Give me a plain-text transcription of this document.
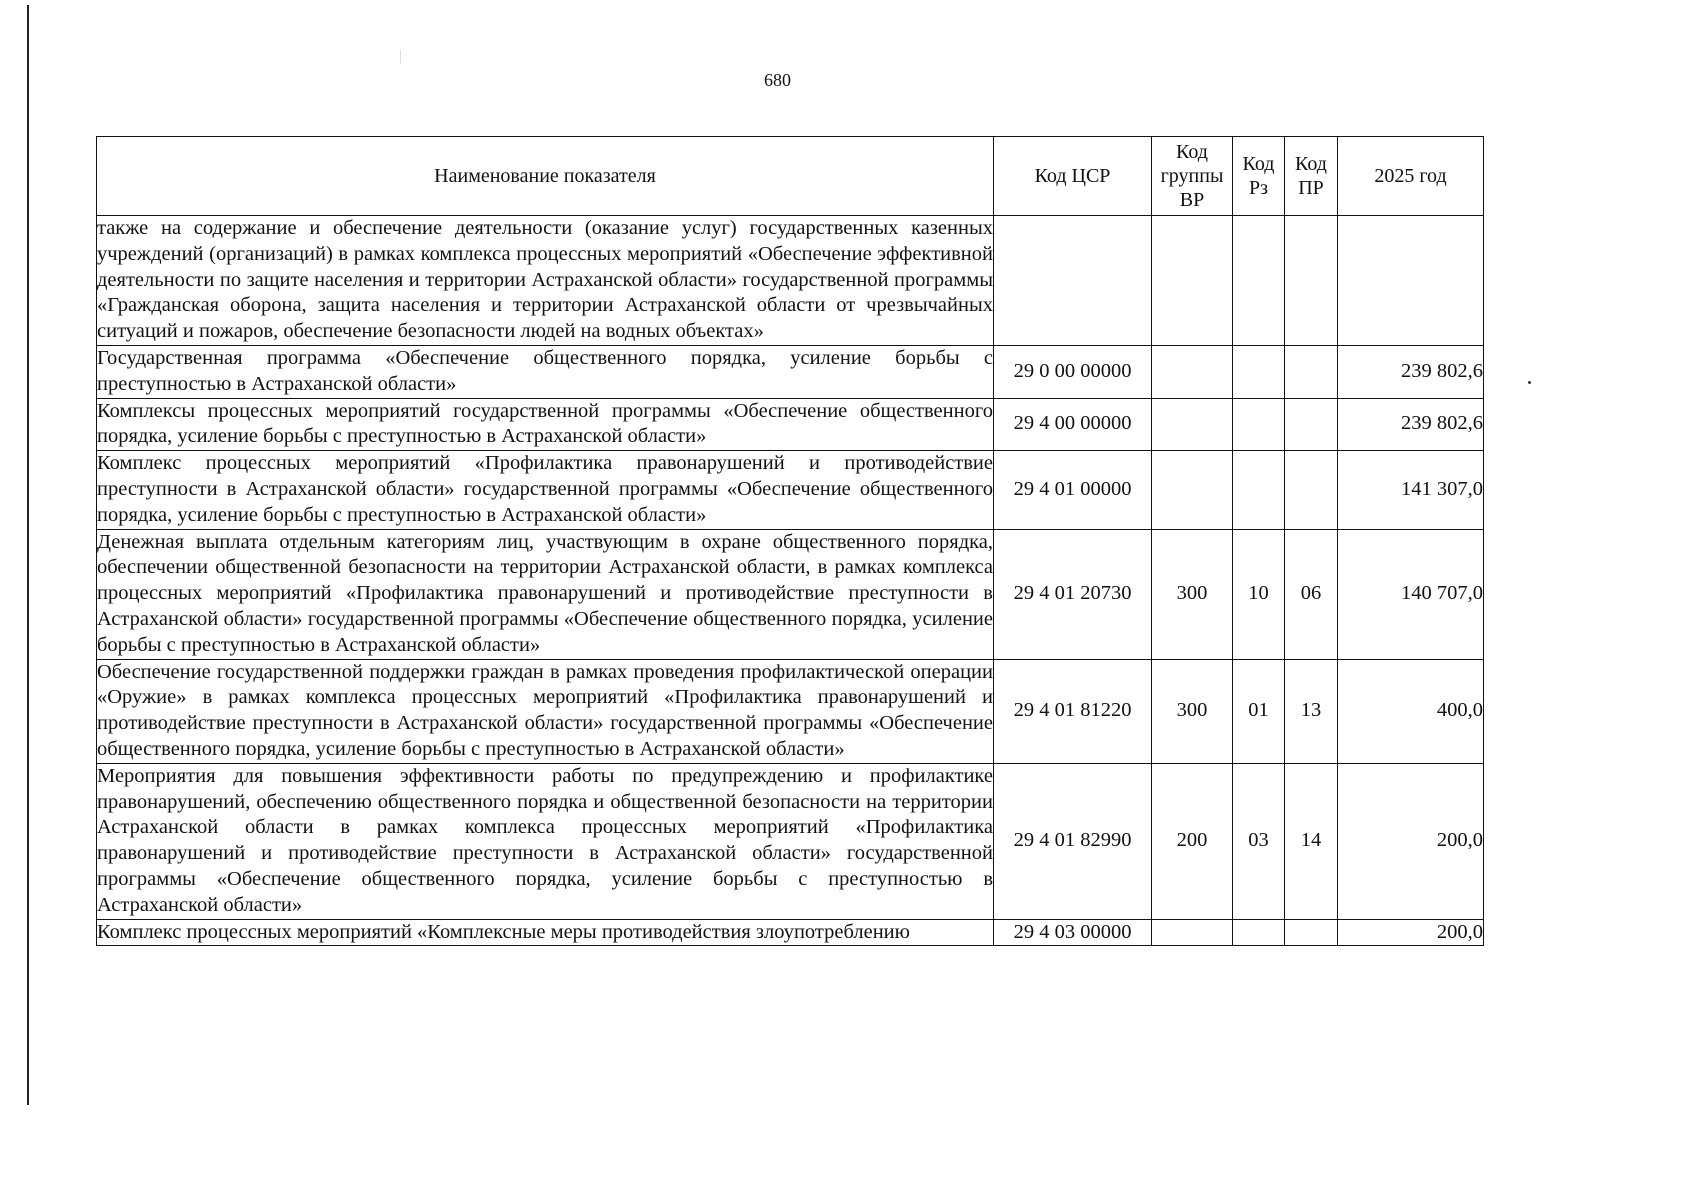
680
Наименование показателя	Код ЦСР	Код группы ВР	Код Рз	Код ПР	2025 год
также на содержание и обеспечение деятельности (оказание услуг) государственных казенных учреждений (организаций) в рамках комплекса процессных мероприятий «Обеспечение эффективной деятельности по защите населения и территории Астраханской области» государственной программы «Гражданская оборона, защита населения и территории Астраханской области от чрезвычайных ситуаций и пожаров, обеспечение безопасности людей на водных объектах»					
Государственная программа «Обеспечение общественного порядка, усиление борьбы с преступностью в Астраханской области»	29 0 00 00000				239 802,6
Комплексы процессных мероприятий государственной программы «Обеспечение общественного порядка, усиление борьбы с преступностью в Астраханской области»	29 4 00 00000				239 802,6
Комплекс процессных мероприятий «Профилактика правонарушений и противодействие преступности в Астраханской области» государственной программы «Обеспечение общественного порядка, усиление борьбы с преступностью в Астраханской области»	29 4 01 00000				141 307,0
Денежная выплата отдельным категориям лиц, участвующим в охране общественного порядка, обеспечении общественной безопасности на территории Астраханской области, в рамках комплекса процессных мероприятий «Профилактика правонарушений и противодействие преступности в Астраханской области» государственной программы «Обеспечение общественного порядка, усиление борьбы с преступностью в Астраханской области»	29 4 01 20730	300	10	06	140 707,0
Обеспечение государственной поддержки граждан в рамках проведения профилактической операции «Оружие» в рамках комплекса процессных мероприятий «Профилактика правонарушений и противодействие преступности в Астраханской области» государственной программы «Обеспечение общественного порядка, усиление борьбы с преступностью в Астраханской области»	29 4 01 81220	300	01	13	400,0
Мероприятия для повышения эффективности работы по предупреждению и профилактике правонарушений, обеспечению общественного порядка и общественной безопасности на территории Астраханской области в рамках комплекса процессных мероприятий «Профилактика правонарушений и противодействие преступности в Астраханской области» государственной программы «Обеспечение общественного порядка, усиление борьбы с преступностью в Астраханской области»	29 4 01 82990	200	03	14	200,0
Комплекс процессных мероприятий «Комплексные меры противодействия злоупотреблению	29 4 03 00000				200,0
